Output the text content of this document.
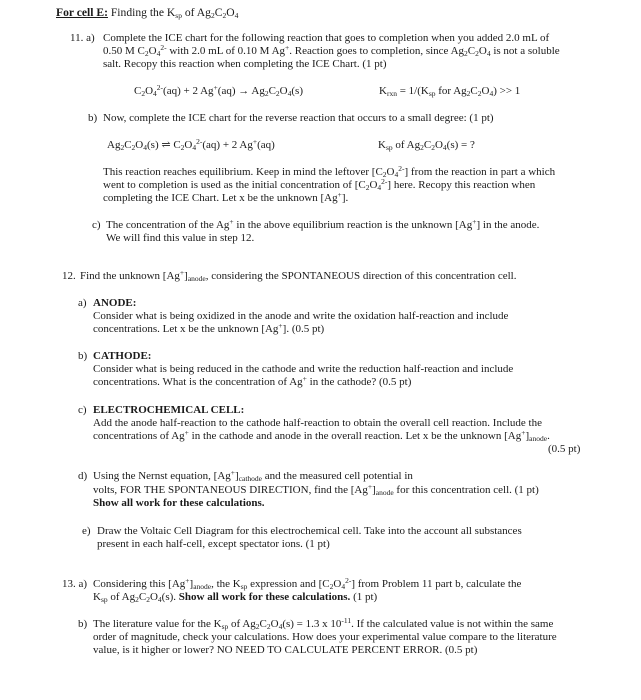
For cell E: Finding the $K_{sp}$ of $Ag_2C_2O_4$
11. a) Complete the ICE chart for the following reaction that goes to completion when you added 2.0 mL of
0.50 M $C_2O_4^{2-}$ with 2.0 mL of 0.10 M Ag+. Reaction goes to completion, since $Ag_2C_2O_4$ is not a soluble
salt. Recopy this reaction when completing the ICE Chart. (1 pt)
$C_2O_4^{2-}(aq) + 2$ $Ag^+(aq) \to Ag_2C_2O_4(s)$	$K_{rxn} = 1/(K_{sp}$ for $Ag_2C_2O_4) >> 1$
b) Now, complete the ICE chart for the reverse reaction that occurs to a small degree: (1 pt)
$Ag_2C_2O_4(s)$ ⇌ $C_2O_4^{2-}(aq) + 2$ Ag+(aq)	$K_{sp}$ of $Ag_2C_2O_4(s)$ = ?
This reaction reaches equilibrium. Keep in mind the leftover $[C_2O_4^{2-}]$ from the reaction in part a which
went to completion is used as the initial concentration of $[C_2O_4^{2-}]$ here. Recopy this reaction when
completing the ICE Chart. Let x be the unknown [Ag+].
c) The concentration of the Ag+ in the above equilibrium reaction is the unknown [Ag+] in the anode.
We will find this value in step 12.
12. Find the unknown $[Ag^+]_{anode}$, considering the SPONTANEOUS direction of this concentration cell.
a) ANODE:
Consider what is being oxidized in the anode and write the oxidation half-reaction and include
concentrations. Let x be the unknown [Ag+]. (0.5 pt)
b) CATHODE:
Consider what is being reduced in the cathode and write the reduction half-reaction and include
concentrations. What is the concentration of Ag+ in the cathode? (0.5 pt)
c) ELECTROCHEMICAL CELL:
Add the anode half-reaction to the cathode half-reaction to obtain the overall cell reaction. Include the
concentrations of Ag+ in the cathode and anode in the overall reaction. Let x be the unknown $[Ag^+]_{anode}$.
(0.5 pt)
d) Using the Nernst equation, $[Ag^+]_{cathode}$ and the measured cell potential in
volts, FOR THE SPONTANEOUS DIRECTION, find the $[Ag^+]_{anode}$ for this concentration cell. (1 pt)
Show all work for these calculations.
e) Draw the Voltaic Cell Diagram for this electrochemical cell. Take into the account all substances
present in each half-cell, except spectator ions. (1 pt)
13. a) Considering this $[Ag^+]_{anode}$, the $K_{sp}$ expression and $[C_2O_4^{2-}]$ from Problem 11 part b, calculate the
$K_{sp}$ of $Ag_2C_2O_4(s)$. Show all work for these calculations. (1 pt)
b) The literature value for the $K_{sp}$ of $Ag_2C_2O_4(s) = 1.3$ x $10^{-11}$. If the calculated value is not within the same
order of magnitude, check your calculations. How does your experimental value compare to the literature
value, is it higher or lower? NO NEED TO CALCULATE PERCENT ERROR. (0.5 pt)
